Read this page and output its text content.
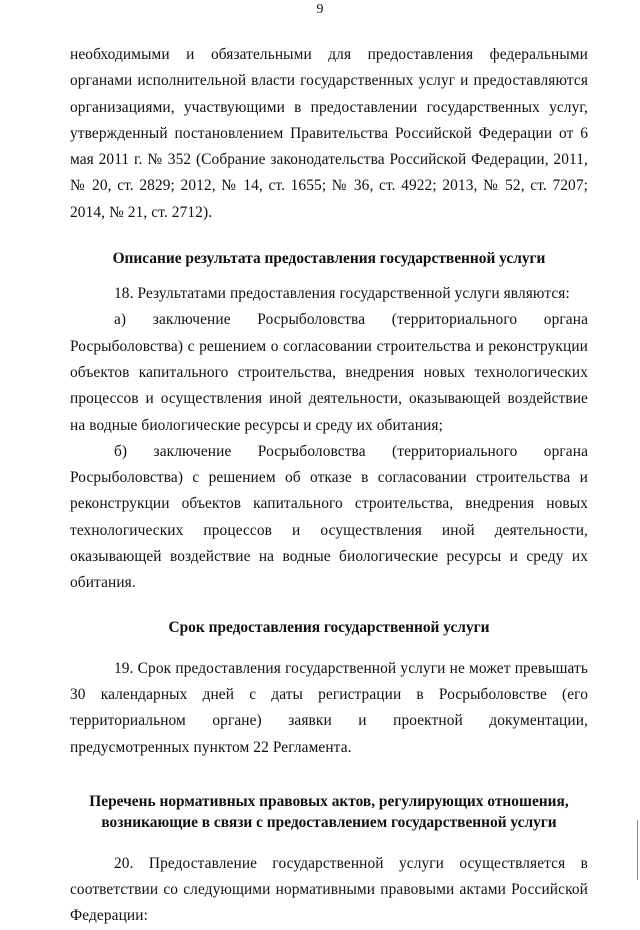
9

необходимыми и обязательными для предоставления федеральными органами исполнительной власти государственных услуг и предоставляются организациями, участвующими в предоставлении государственных услуг, утвержденный постановлением Правительства Российской Федерации от 6 мая 2011 г. № 352 (Собрание законодательства Российской Федерации, 2011, № 20, ст. 2829; 2012, № 14, ст. 1655; № 36, ст. 4922; 2013, № 52, ст. 7207; 2014, № 21, ст. 2712).

Описание результата предоставления государственной услуги

18. Результатами предоставления государственной услуги являются:

а) заключение Росрыболовства (территориального органа Росрыболовства) с решением о согласовании строительства и реконструкции объектов капитального строительства, внедрения новых технологических процессов и осуществления иной деятельности, оказывающей воздействие на водные биологические ресурсы и среду их обитания;

б) заключение Росрыболовства (территориального органа Росрыболовства) с решением об отказе в согласовании строительства и реконструкции объектов капитального строительства, внедрения новых технологических процессов и осуществления иной деятельности, оказывающей воздействие на водные биологические ресурсы и среду их обитания.

Срок предоставления государственной услуги

19. Срок предоставления государственной услуги не может превышать 30 календарных дней с даты регистрации в Росрыболовстве (его территориальном органе) заявки и проектной документации, предусмотренных пунктом 22 Регламента.

Перечень нормативных правовых актов, регулирующих отношения,
возникающие в связи с предоставлением государственной услуги

20. Предоставление государственной услуги осуществляется в соответствии со следующими нормативными правовыми актами Российской Федерации:
